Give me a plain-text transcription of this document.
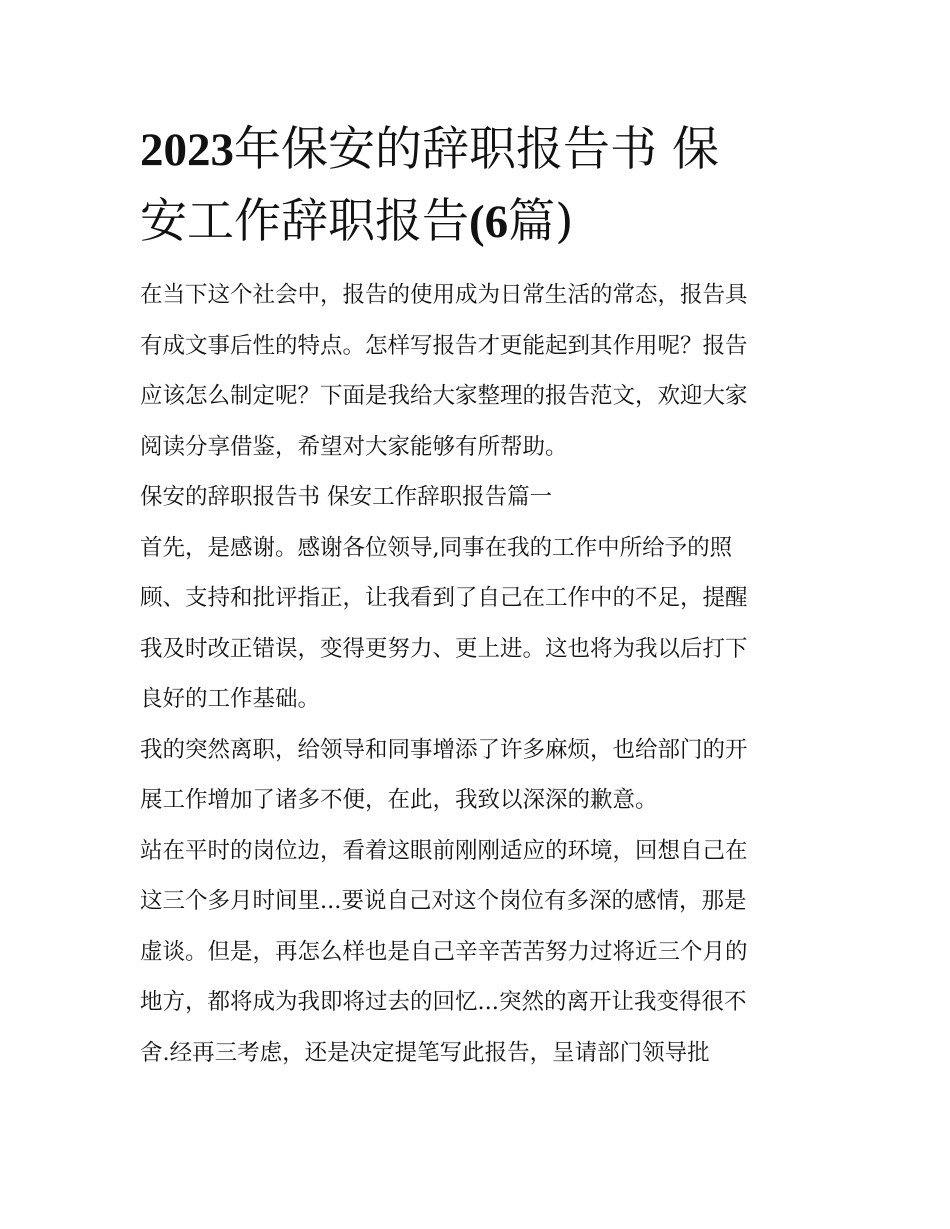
2023年保安的辞职报告书 保
安工作辞职报告(6篇)

在当下这个社会中，报告的使用成为日常生活的常态，报告具
有成文事后性的特点。怎样写报告才更能起到其作用呢？报告
应该怎么制定呢？下面是我给大家整理的报告范文，欢迎大家
阅读分享借鉴，希望对大家能够有所帮助。

保安的辞职报告书 保安工作辞职报告篇一

首先，是感谢。感谢各位领导,同事在我的工作中所给予的照
顾、支持和批评指正，让我看到了自己在工作中的不足，提醒
我及时改正错误，变得更努力、更上进。这也将为我以后打下
良好的工作基础。

我的突然离职，给领导和同事增添了许多麻烦，也给部门的开
展工作增加了诸多不便，在此，我致以深深的歉意。

站在平时的岗位边，看着这眼前刚刚适应的环境，回想自己在
这三个多月时间里...要说自己对这个岗位有多深的感情，那是
虚谈。但是，再怎么样也是自己辛辛苦苦努力过将近三个月的
地方，都将成为我即将过去的回忆...突然的离开让我变得很不
舍.经再三考虑，还是决定提笔写此报告，呈请部门领导批
